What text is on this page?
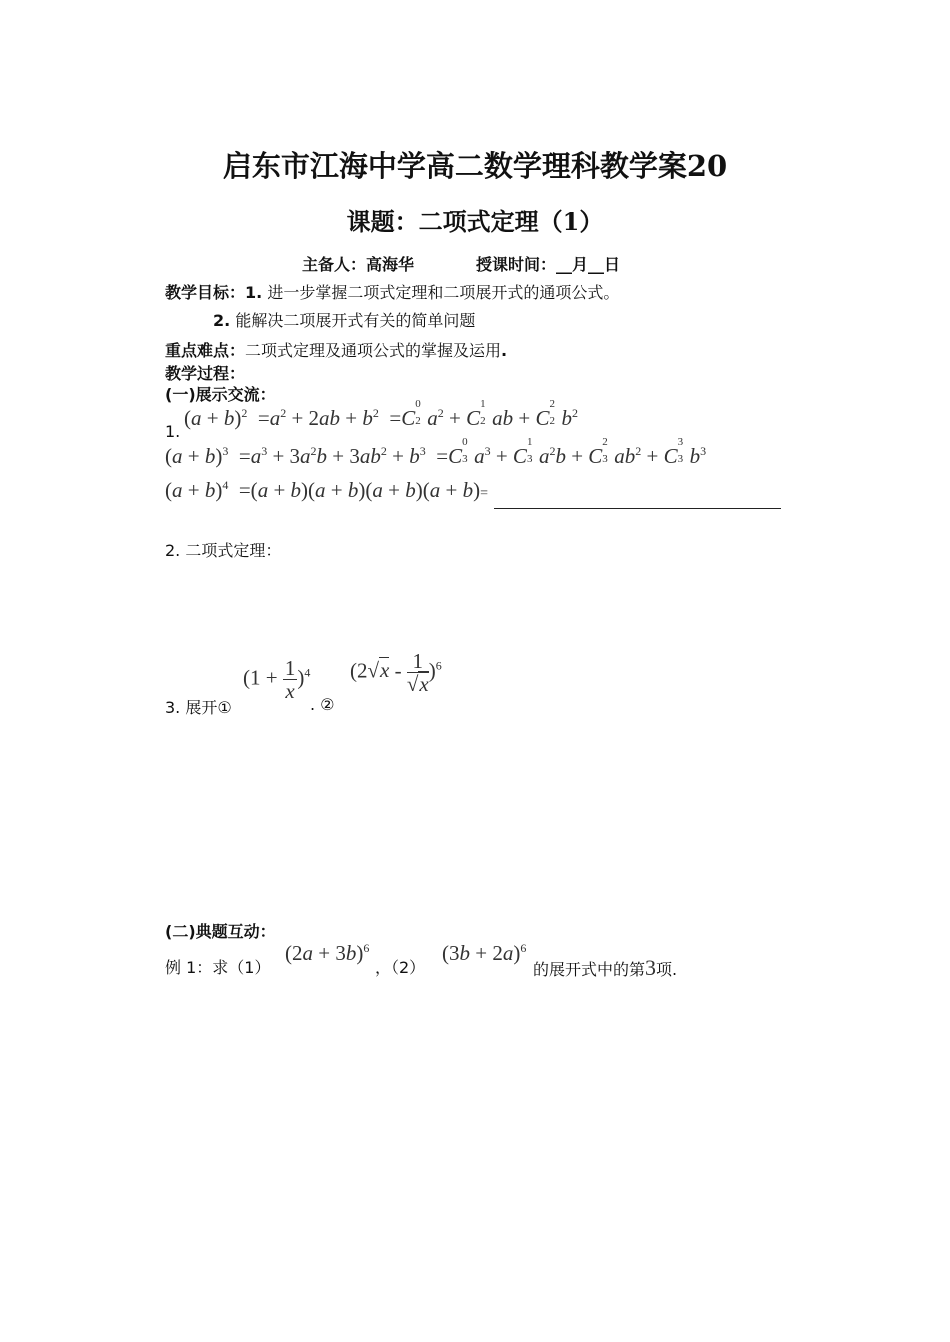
启东市江海中学高二数学理科教学案20
课题：二项式定理（1）
主备人：高海华	授课时间：__月__日
教学目标：1. 进一步掌握二项式定理和二项展开式的通项公式。
2. 能解决二项展开式有关的简单问题
重点难点：二项式定理及通项公式的掌握及运用.
教学过程：
(一)展示交流：
1.
$(a + b)^2 =a^2 + 2ab + b^2 =C$
0
2 $a^2 + C$
1
2 ab + C
2
2 $b^2$
$(a + b)^3 =a^3 + 3a^2b + 3ab^2 + b^3 =C$
0
3 $a^3 + C$
1
3 $a^2b + C$
2
3 $ab^2 + C$
3
3 $b^3$
$(a + b)^4 =(a + b)(a + b)(a + b)(a + b)=$
2. 二项式定理：
3. 展开①
$(1 + \frac{1}{x} )^4$
. ②
$(2√x - \frac{1}{√x} )^6$
(二)典题互动：
例 1：求（1）
$(2a + 3b)^6$
，（2）
$(3b + 2a)^6$
的展开式中的第3项.
